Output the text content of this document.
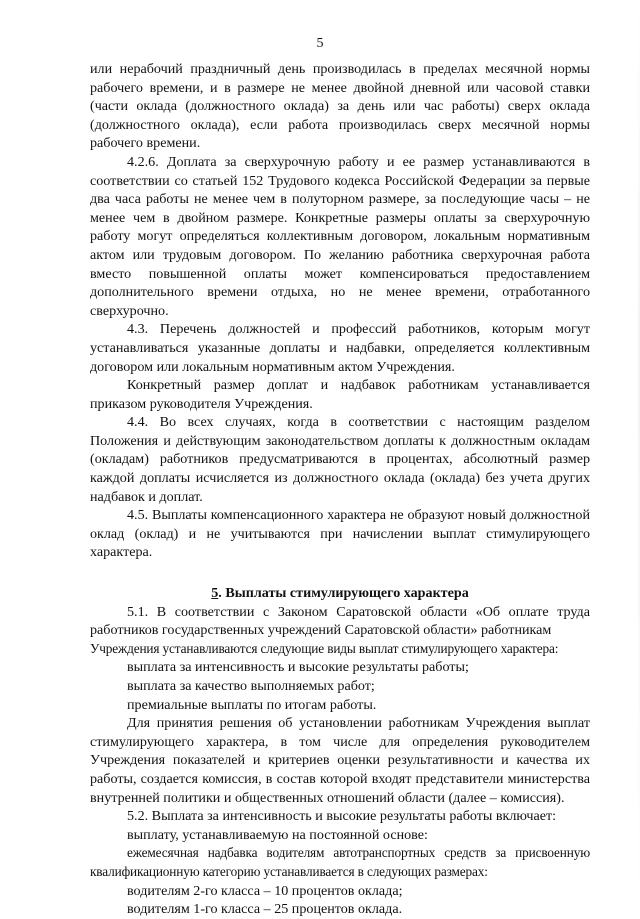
5

или нерабочий праздничный день производилась в пределах месячной нормы рабочего времени, и в размере не менее двойной дневной или часовой ставки (части оклада (должностного оклада) за день или час работы) сверх оклада (должностного оклада), если работа производилась сверх месячной нормы рабочего времени.

4.2.6. Доплата за сверхурочную работу и ее размер устанавливаются в соответствии со статьей 152 Трудового кодекса Российской Федерации за первые два часа работы не менее чем в полуторном размере, за последующие часы – не менее чем в двойном размере. Конкретные размеры оплаты за сверхурочную работу могут определяться коллективным договором, локальным нормативным актом или трудовым договором. По желанию работника сверхурочная работа вместо повышенной оплаты может компенсироваться предоставлением дополнительного времени отдыха, но не менее времени, отработанного сверхурочно.

4.3. Перечень должностей и профессий работников, которым могут устанавливаться указанные доплаты и надбавки, определяется коллективным договором или локальным нормативным актом Учреждения.

Конкретный размер доплат и надбавок работникам устанавливается приказом руководителя Учреждения.

4.4. Во всех случаях, когда в соответствии с настоящим разделом Положения и действующим законодательством доплаты к должностным окладам (окладам) работников предусматриваются в процентах, абсолютный размер каждой доплаты исчисляется из должностного оклада (оклада) без учета других надбавок и доплат.

4.5. Выплаты компенсационного характера не образуют новый должностной оклад (оклад) и не учитываются при начислении выплат стимулирующего характера.

5. Выплаты стимулирующего характера

5.1. В соответствии с Законом Саратовской области «Об оплате труда работников государственных учреждений Саратовской области» работникам

Учреждения устанавливаются следующие виды выплат стимулирующего характера:

выплата за интенсивность и высокие результаты работы;

выплата за качество выполняемых работ;

премиальные выплаты по итогам работы.

Для принятия решения об установлении работникам Учреждения выплат стимулирующего характера, в том числе для определения руководителем Учреждения показателей и критериев оценки результативности и качества их работы, создается комиссия, в состав которой входят представители министерства внутренней политики и общественных отношений области (далее – комиссия).

5.2. Выплата за интенсивность и высокие результаты работы включает:

выплату, устанавливаемую на постоянной основе:

ежемесячная надбавка водителям автотранспортных средств за присвоенную квалификационную категорию устанавливается в следующих размерах:

водителям 2-го класса – 10 процентов оклада;

водителям 1-го класса – 25 процентов оклада.
